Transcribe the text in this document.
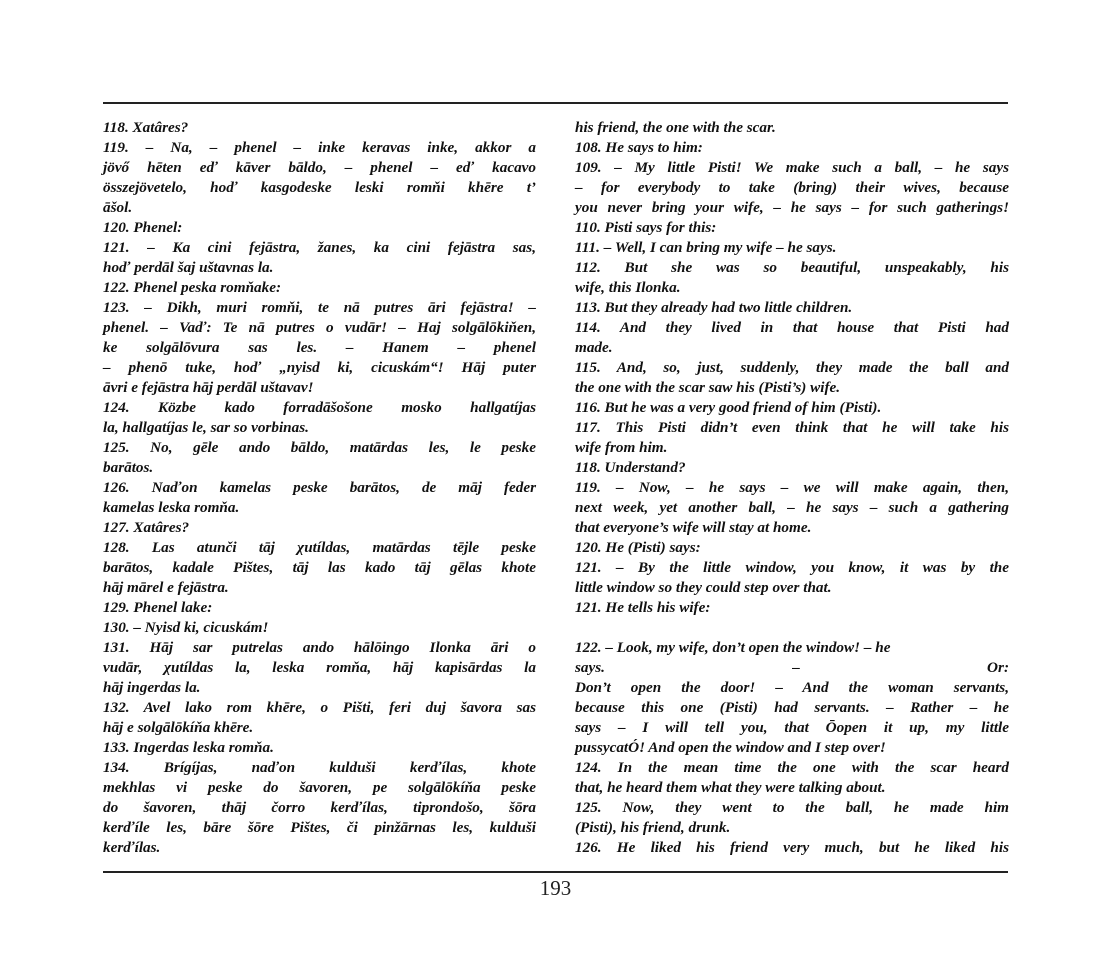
118. Xatâres?
119. – Na, – phenel – inke keravas inke, akkor a
jövő hēten eď kāver bāldo, – phenel – eď kacavo
összejövetelo, hoď kasgodeske leski romňi khēre t’
āšol.
120. Phenel:
121. – Ka cini fejāstra, žanes, ka cini fejāstra sas,
hoď perdāl šaj uštavnas la.
122. Phenel peska romňake:
123. – Dikh, muri romňi, te nā putres āri fejāstra! –
phenel. – Vaď: Te nā putres o vudār! – Haj solgālōkiňen,
ke solgālōvura sas les. – Hanem – phenel
– phenō tuke, hoď „nyisd ki, cicuskám“! Hāj puter
āvri e fejāstra hāj perdāl uštavav!
124. Közbe kado forradāšošone mosko hallgatíjas
la, hallgatíjas le, sar so vorbinas.
125. No, gēle ando bāldo, matārdas les, le peske
barātos.
126. Naďon kamelas peske barātos, de māj feder
kamelas leska romňa.
127. Xatâres?
128. Las atunči tāj χutíldas, matārdas tējle peske
barātos, kadale Pištes, tāj las kado tāj gēlas khote
hāj mārel e fejāstra.
129. Phenel lake:
130. – Nyisd ki, cicuskám!
131. Hāj sar putrelas ando hālōingo Ilonka āri o
vudār, χutíldas la, leska romňa, hāj kapisārdas la
hāj ingerdas la.
132. Avel lako rom khēre, o Pišti, feri duj šavora sas
hāj e solgālōkíňa khēre.
133. Ingerdas leska romňa.
134. Brígíjas, naďon kulduši kerďílas, khote
mekhlas vi peske do šavoren, pe solgālōkíňa peske
do šavoren, thāj čorro kerďílas, tiprondošo, šōra
kerďíle les, bāre šōre Pištes, či pinžārnas les, kulduši
kerďílas.
his friend, the one with the scar.
108. He says to him:
109. – My little Pisti! We make such a ball, – he says
– for everybody to take (bring) their wives, because
you never bring your wife, – he says – for such gatherings!
110. Pisti says for this:
111. – Well, I can bring my wife – he says.
112. But she was so beautiful, unspeakably, his
wife, this Ilonka.
113. But they already had two little children.
114. And they lived in that house that Pisti had
made.
115. And, so, just, suddenly, they made the ball and
the one with the scar saw his (Pisti’s) wife.
116. But he was a very good friend of him (Pisti).
117. This Pisti didn’t even think that he will take his
wife from him.
118. Understand?
119. – Now, – he says – we will make again, then,
next week, yet another ball, – he says – such a gathering
that everyone’s wife will stay at home.
120. He (Pisti) says:
121. – By the little window, you know, it was by the
little window so they could step over that.
121. He tells his wife:
122. – Look, my wife, don’t open the window! – he
says. – Or:
Don’t open the door! – And the woman servants,
because this one (Pisti) had servants. – Rather – he
says – I will tell you, that Ōopen it up, my little
pussycatÓ! And open the window and I step over!
124. In the mean time the one with the scar heard
that, he heard them what they were talking about.
125. Now, they went to the ball, he made him
(Pisti), his friend, drunk.
126. He liked his friend very much, but he liked his
193
